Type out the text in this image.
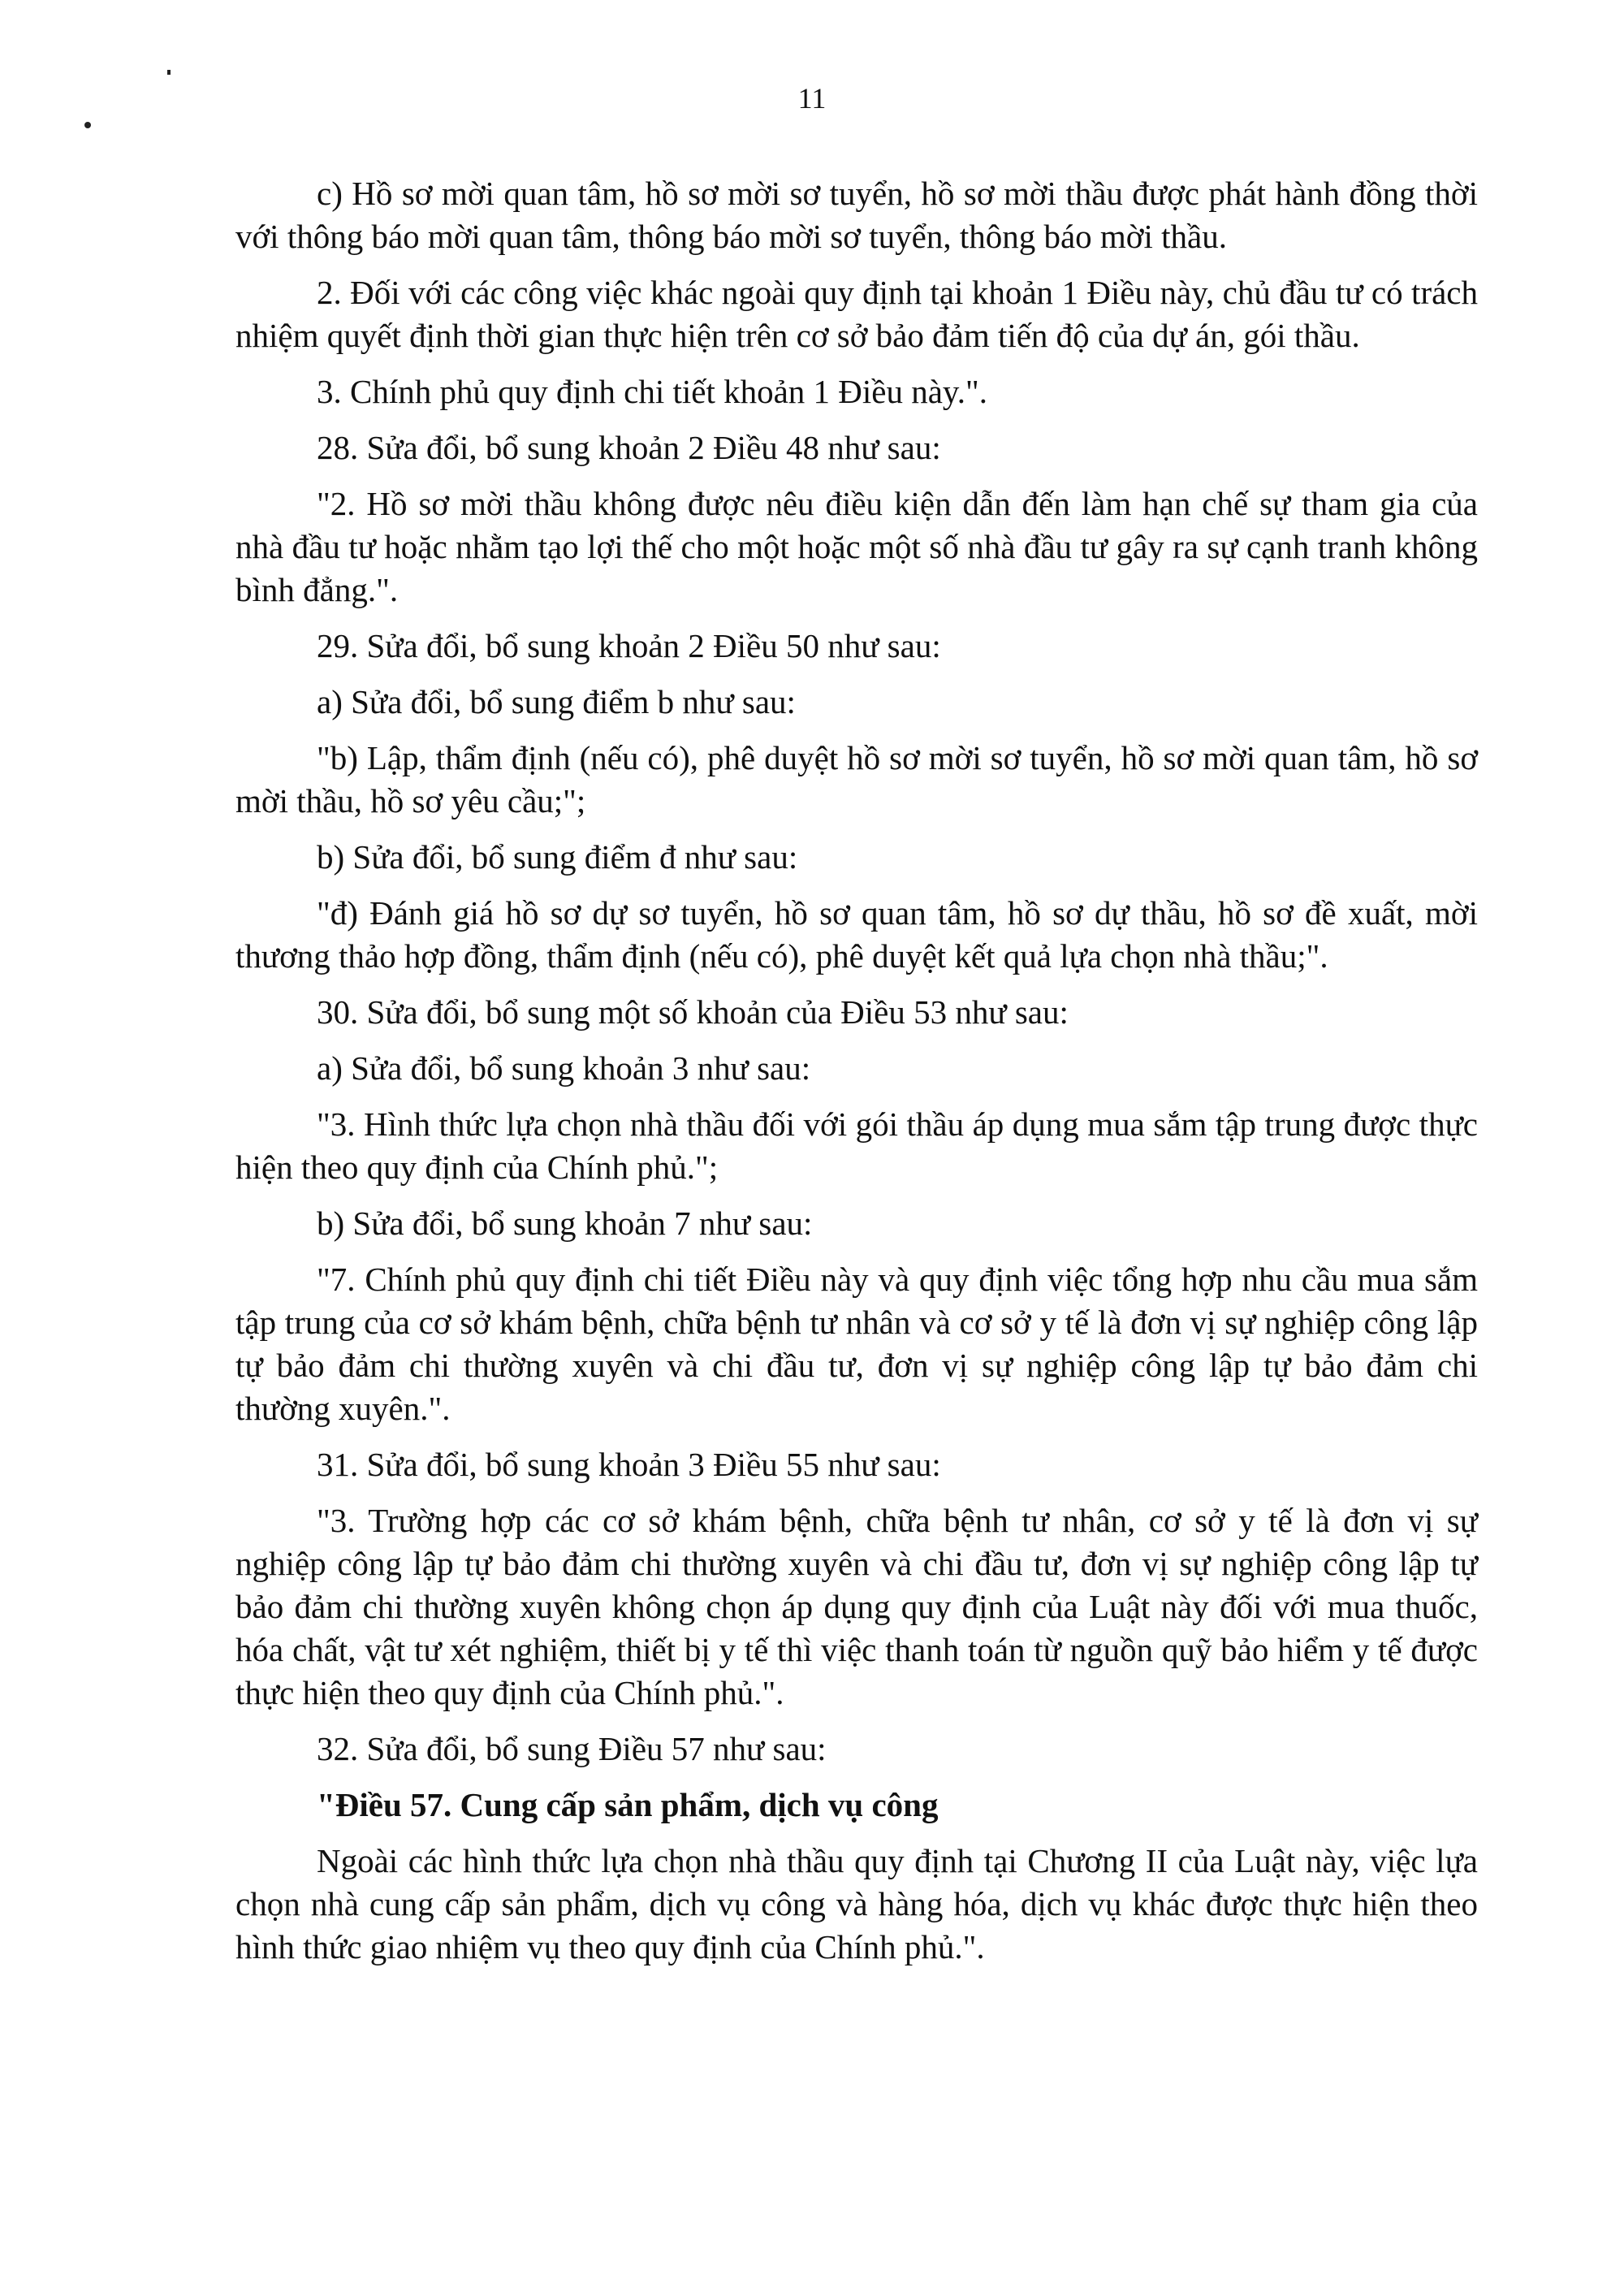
11

c) Hồ sơ mời quan tâm, hồ sơ mời sơ tuyển, hồ sơ mời thầu được phát hành đồng thời với thông báo mời quan tâm, thông báo mời sơ tuyển, thông báo mời thầu.

2. Đối với các công việc khác ngoài quy định tại khoản 1 Điều này, chủ đầu tư có trách nhiệm quyết định thời gian thực hiện trên cơ sở bảo đảm tiến độ của dự án, gói thầu.

3. Chính phủ quy định chi tiết khoản 1 Điều này.".

28. Sửa đổi, bổ sung khoản 2 Điều 48 như sau:

"2. Hồ sơ mời thầu không được nêu điều kiện dẫn đến làm hạn chế sự tham gia của nhà đầu tư hoặc nhằm tạo lợi thế cho một hoặc một số nhà đầu tư gây ra sự cạnh tranh không bình đẳng.".

29. Sửa đổi, bổ sung khoản 2 Điều 50 như sau:

a) Sửa đổi, bổ sung điểm b như sau:

"b) Lập, thẩm định (nếu có), phê duyệt hồ sơ mời sơ tuyển, hồ sơ mời quan tâm, hồ sơ mời thầu, hồ sơ yêu cầu;";

b) Sửa đổi, bổ sung điểm đ như sau:

"đ) Đánh giá hồ sơ dự sơ tuyển, hồ sơ quan tâm, hồ sơ dự thầu, hồ sơ đề xuất, mời thương thảo hợp đồng, thẩm định (nếu có), phê duyệt kết quả lựa chọn nhà thầu;".

30. Sửa đổi, bổ sung một số khoản của Điều 53 như sau:

a) Sửa đổi, bổ sung khoản 3 như sau:

"3. Hình thức lựa chọn nhà thầu đối với gói thầu áp dụng mua sắm tập trung được thực hiện theo quy định của Chính phủ.";

b) Sửa đổi, bổ sung khoản 7 như sau:

"7. Chính phủ quy định chi tiết Điều này và quy định việc tổng hợp nhu cầu mua sắm tập trung của cơ sở khám bệnh, chữa bệnh tư nhân và cơ sở y tế là đơn vị sự nghiệp công lập tự bảo đảm chi thường xuyên và chi đầu tư, đơn vị sự nghiệp công lập tự bảo đảm chi thường xuyên.".

31. Sửa đổi, bổ sung khoản 3 Điều 55 như sau:

"3. Trường hợp các cơ sở khám bệnh, chữa bệnh tư nhân, cơ sở y tế là đơn vị sự nghiệp công lập tự bảo đảm chi thường xuyên và chi đầu tư, đơn vị sự nghiệp công lập tự bảo đảm chi thường xuyên không chọn áp dụng quy định của Luật này đối với mua thuốc, hóa chất, vật tư xét nghiệm, thiết bị y tế thì việc thanh toán từ nguồn quỹ bảo hiểm y tế được thực hiện theo quy định của Chính phủ.".

32. Sửa đổi, bổ sung Điều 57 như sau:

"Điều 57. Cung cấp sản phẩm, dịch vụ công

Ngoài các hình thức lựa chọn nhà thầu quy định tại Chương II của Luật này, việc lựa chọn nhà cung cấp sản phẩm, dịch vụ công và hàng hóa, dịch vụ khác được thực hiện theo hình thức giao nhiệm vụ theo quy định của Chính phủ.".
